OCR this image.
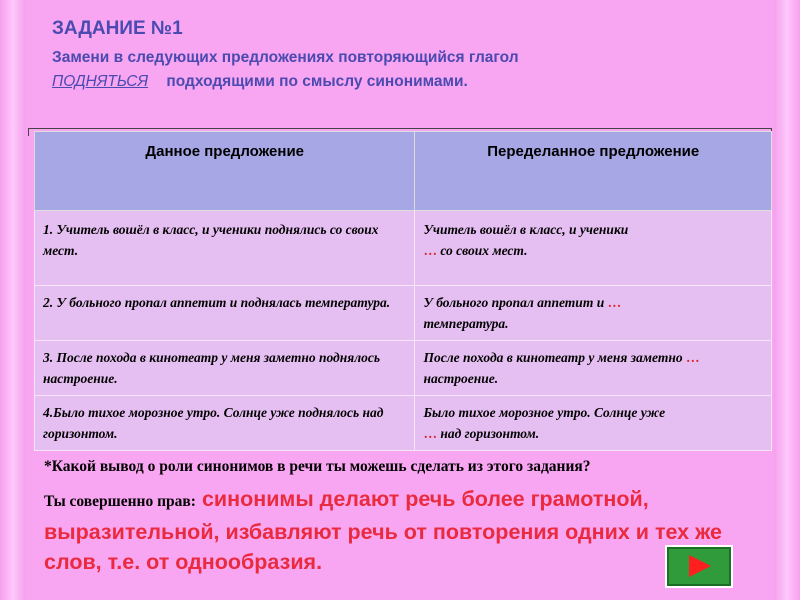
ЗАДАНИЕ №1
Замени в следующих предложениях повторяющийся глагол
ПОДНЯТЬСЯ подходящими по смыслу синонимами.
Данное предложение	Переделанное предложение
1. Учитель вошёл в класс, и ученики поднялись со своих мест.	Учитель вошёл в класс, и ученики
… со своих мест.
2. У больного пропал аппетит и поднялась температура.	У больного пропал аппетит и …
температура.
3. После похода в кинотеатр у меня заметно поднялось настроение.	После похода в кинотеатр у меня заметно … настроение.
4.Было тихое морозное утро. Солнце уже поднялось над горизонтом.	Было тихое морозное утро. Солнце уже
… над горизонтом.
*Какой вывод о роли синонимов в речи ты можешь сделать из этого задания?
Ты совершенно прав: синонимы делают речь более грамотной, выразительной, избавляют речь от повторения одних и тех же слов, т.е. от однообразия.
